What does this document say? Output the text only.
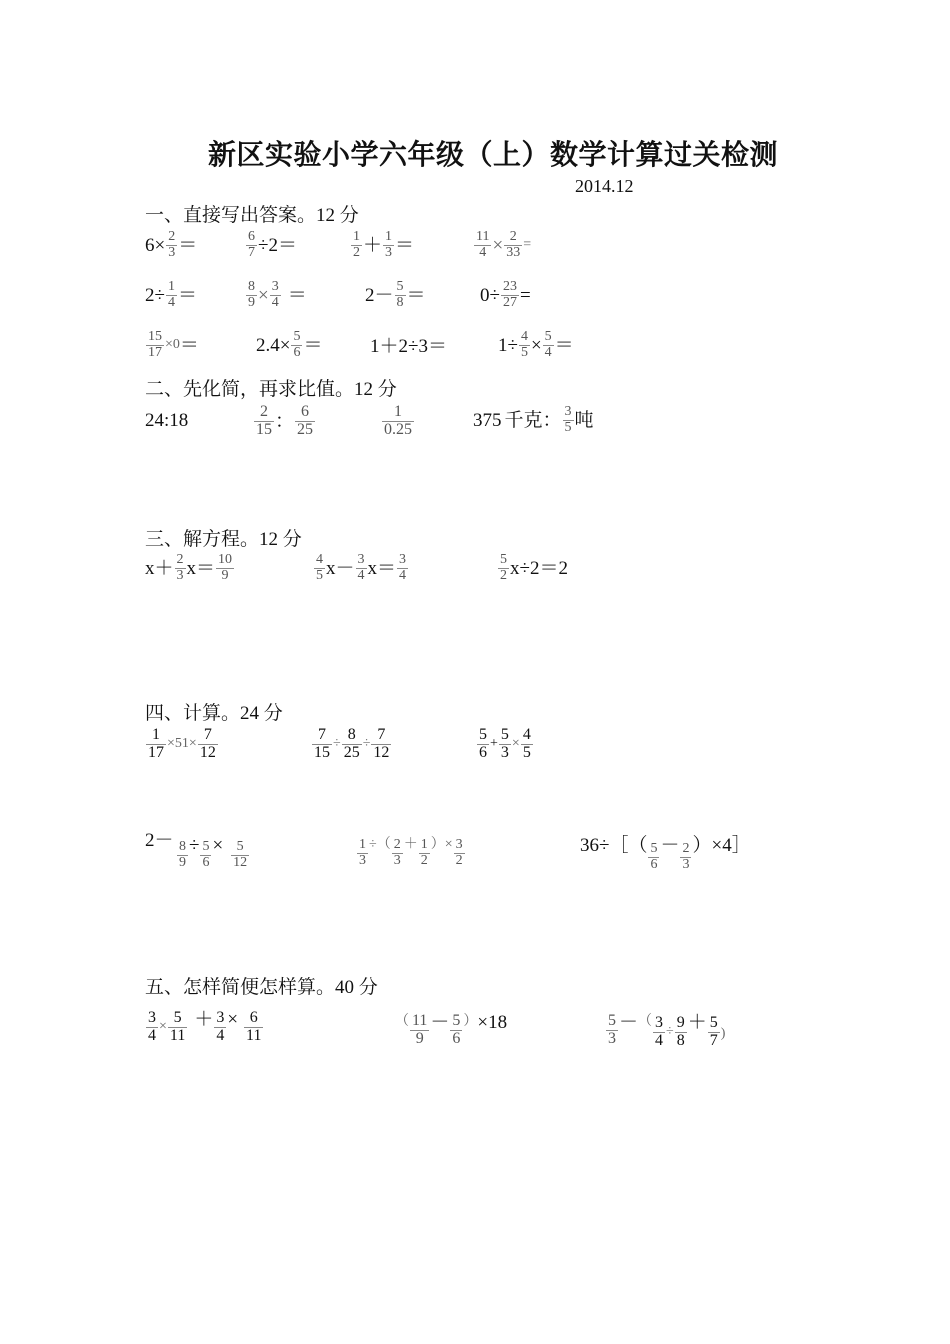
新区实验小学六年级（上）数学计算过关检测
2014.12
一、直接写出答案。12 分
$6\times \frac{2}{3}$ ＝	$\frac{6}{7} \div 2=$	$\frac{1}{2} + \frac{1}{3}$ ＝	$\frac{11}{4} \times \frac{2}{33}$ =
$2\div \frac{1}{4}$ ＝	$\frac{8}{9} \times \frac{3}{4}$ ＝	$2- \frac{5}{8}$ ＝	$0\div \frac{23}{27}$ =
$\frac{15}{17} \times 0=$	$2.4\times \frac{5}{6}$ ＝	1＋2÷3＝	$1\div \frac{4}{5} \times \frac{5}{4}$ ＝
二、先化简，再求比值。12 分
24:18	$\frac{2}{15}$ ： $\frac{6}{25}$	$\frac{1}{0.25}$	375 千克： $\frac{3}{5}$ 吨
三、解方程。12 分
$x+ \frac{2}{3} x= \frac{10}{9}$	$\frac{4}{5} x- \frac{3}{4} x= \frac{3}{4}$	$\frac{5}{2} x\div 2=2$
四、计算。24 分
$\frac{1}{17} \times 51\times \frac{7}{12}$	$\frac{7}{15} \div \frac{8}{25} \div \frac{7}{12}$	$\frac{5}{6} + \frac{5}{3} \times \frac{4}{5}$
$2- \frac{8}{9} \div \frac{5}{6} \times \frac{5}{12}$	$\frac{1}{3}$ ÷（ $\frac{2}{3} + \frac{1}{2}$ ）× $\frac{3}{2}$	36÷［（ $\frac{5}{6} - \frac{2}{3}$ ）×4］
五、怎样简便怎样算。40 分
$\frac{3}{4} \times \frac{5}{11} + \frac{3}{4} \times \frac{6}{11}$	（ $\frac{11}{9} - \frac{5}{6} )\times 18$	$\frac{5}{3}$ －（ $\frac{3}{4} \div \frac{9}{8} + \frac{5}{7}$ )
